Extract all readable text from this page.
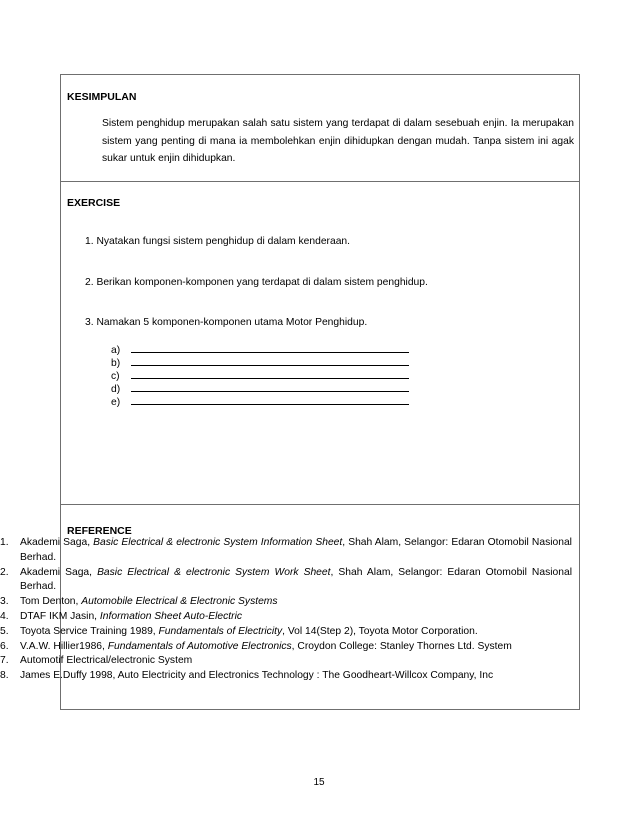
KESIMPULAN
Sistem penghidup merupakan salah satu sistem yang terdapat di dalam sesebuah enjin. Ia merupakan sistem yang penting di mana ia membolehkan enjin dihidupkan dengan mudah. Tanpa sistem ini agak sukar untuk enjin dihidupkan.
EXERCISE
1. Nyatakan fungsi sistem penghidup di dalam kenderaan.
2. Berikan komponen-komponen yang terdapat di dalam sistem penghidup.
3. Namakan 5 komponen-komponen utama Motor Penghidup.
a)
b)
c)
d)
e)
REFERENCE
1. Akademi Saga, Basic Electrical & electronic System Information Sheet, Shah Alam, Selangor: Edaran Otomobil Nasional Berhad.
2. Akademi Saga, Basic Electrical & electronic System Work Sheet, Shah Alam, Selangor: Edaran Otomobil Nasional Berhad.
3. Tom Denton, Automobile Electrical & Electronic Systems
4. DTAF IKM Jasin, Information Sheet Auto-Electric
5. Toyota Service Training 1989, Fundamentals of Electricity, Vol 14(Step 2), Toyota Motor Corporation.
6. V.A.W. Hillier1986, Fundamentals of Automotive Electronics, Croydon College: Stanley Thornes Ltd. System
7. Automotif Electrical/electronic System
8. James E.Duffy 1998, Auto Electricity and Electronics Technology : The Goodheart-Willcox Company, Inc
15
